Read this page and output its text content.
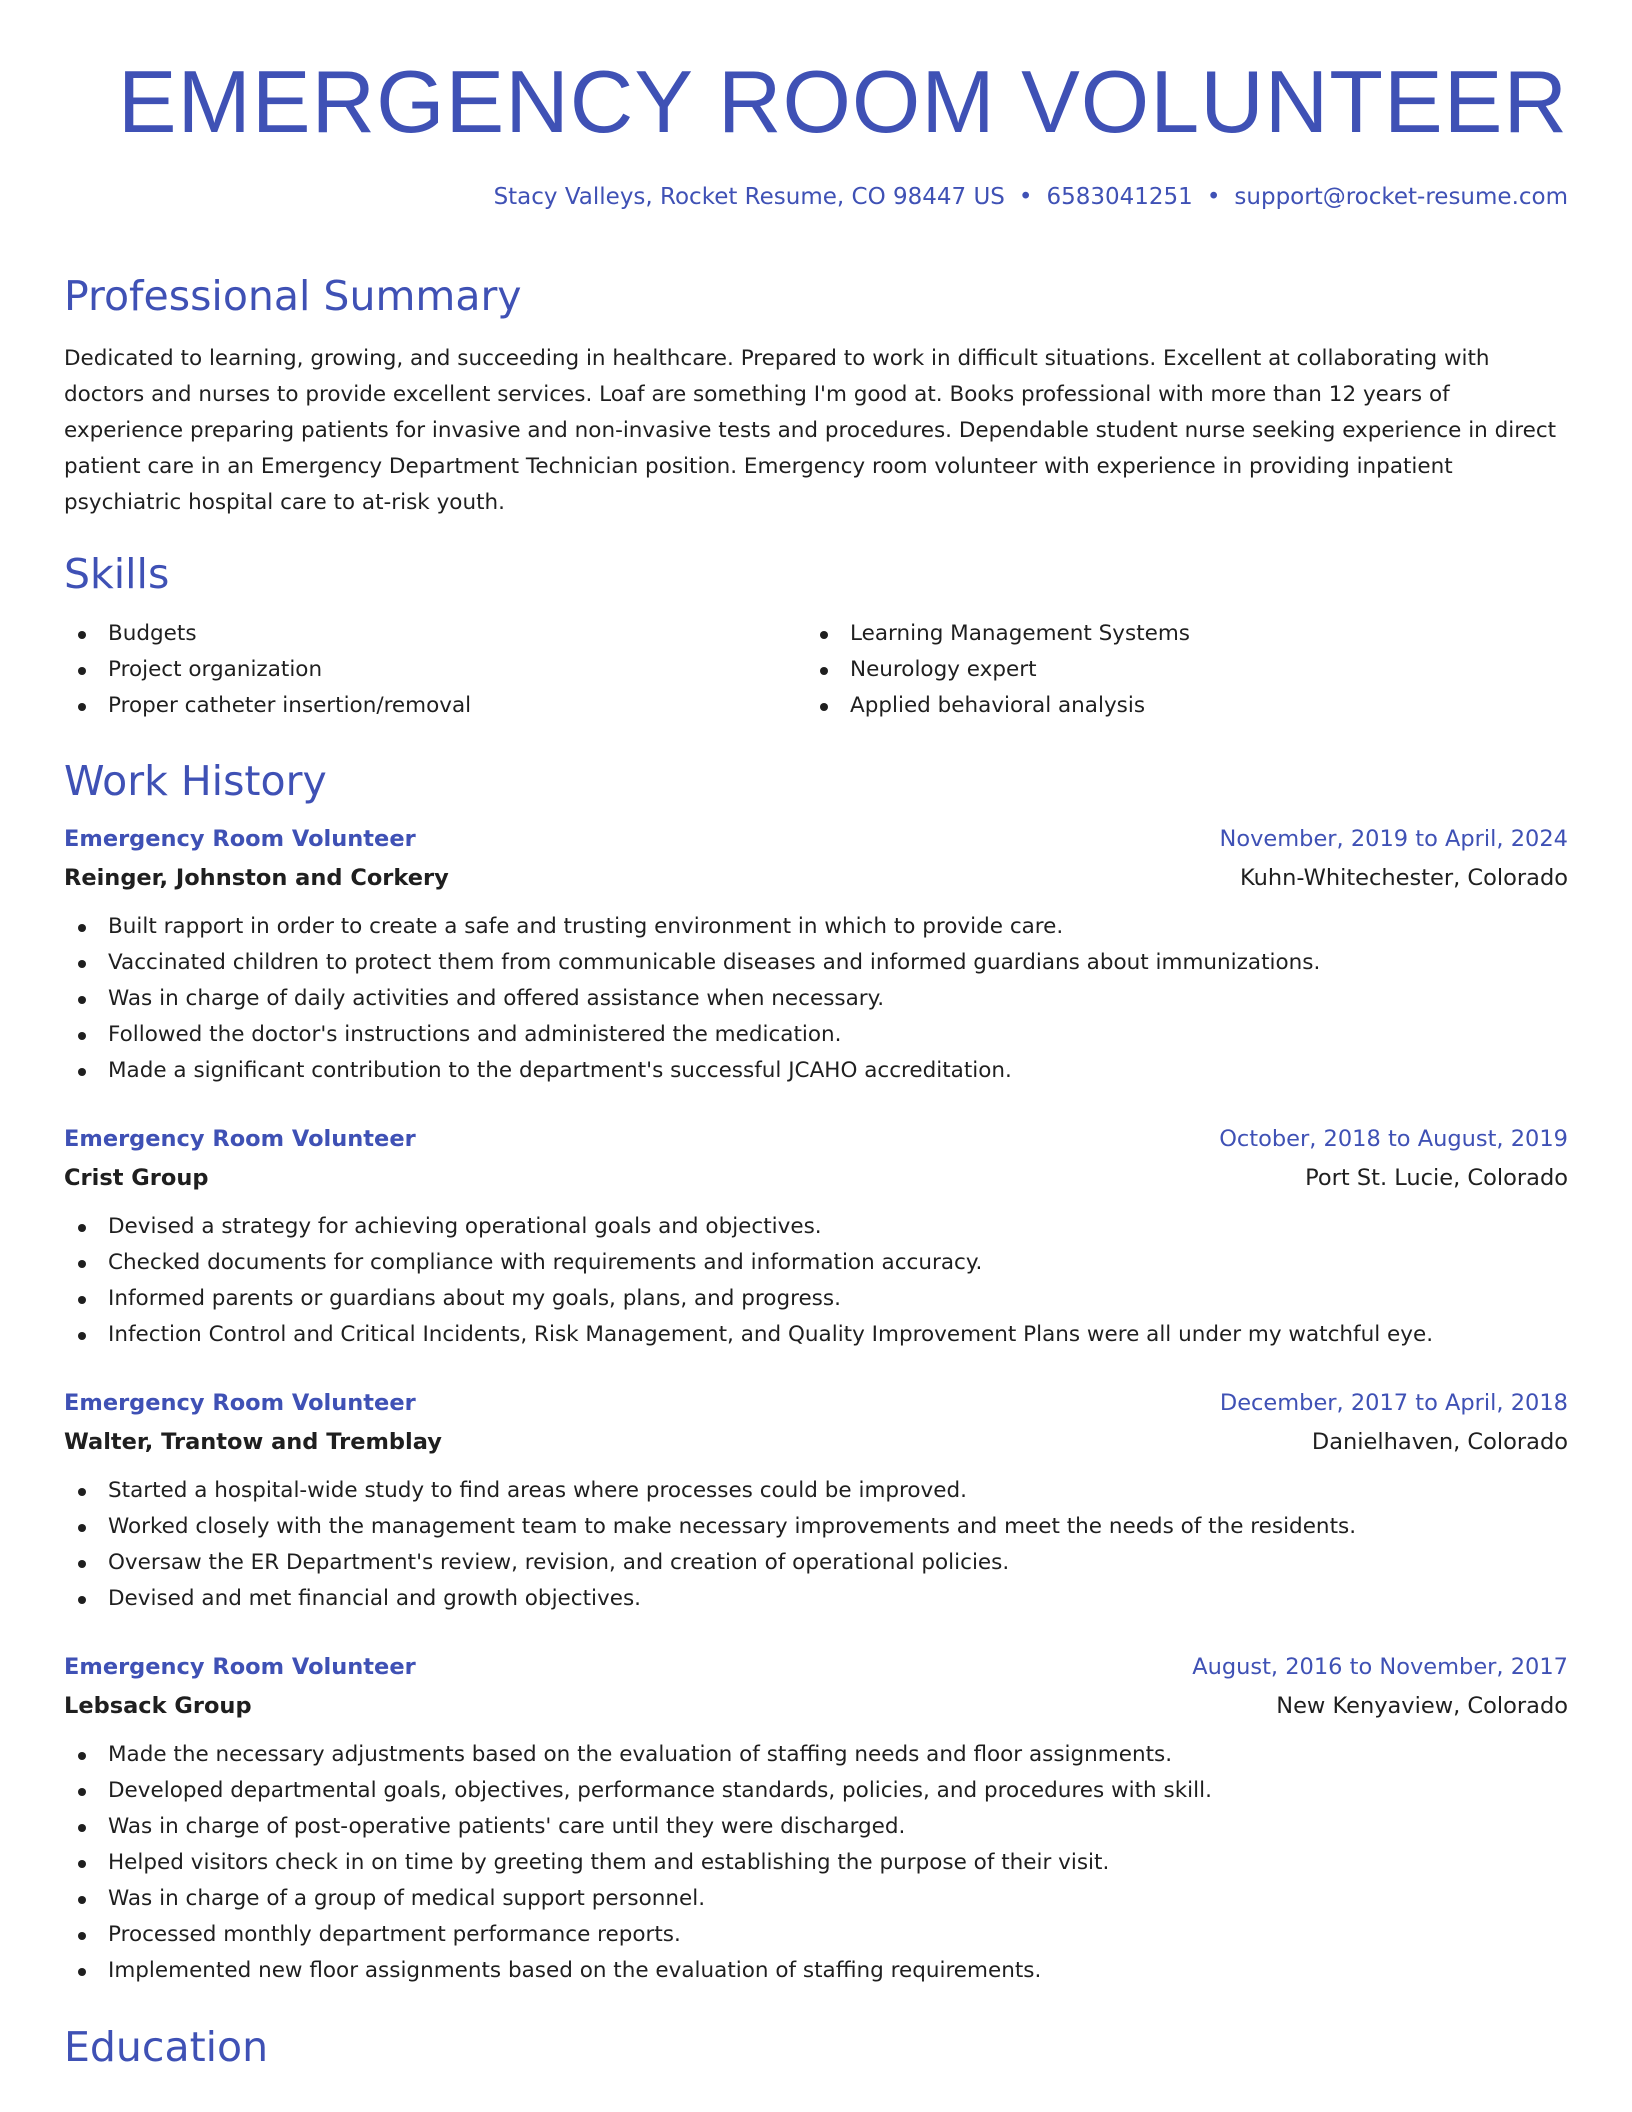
EMERGENCY ROOM VOLUNTEER
Stacy Valleys, Rocket Resume, CO 98447 US • 6583041251 • support@rocket-resume.com
Professional Summary

Dedicated to learning, growing, and succeeding in healthcare. Prepared to work in difficult situations. Excellent at collaborating with doctors and nurses to provide excellent services. Loaf are something I'm good at. Books professional with more than 12 years of experience preparing patients for invasive and non-invasive tests and procedures. Dependable student nurse seeking experience in direct patient care in an Emergency Department Technician position. Emergency room volunteer with experience in providing inpatient psychiatric hospital care to at-risk youth.

Skills
Budgets
Project organization
Proper catheter insertion/removal
Learning Management Systems
Neurology expert
Applied behavioral analysis
Work History
Emergency Room Volunteer	November, 2019 to April, 2024
Reinger, Johnston and Corkery	Kuhn-Whitechester, Colorado
Built rapport in order to create a safe and trusting environment in which to provide care.
Vaccinated children to protect them from communicable diseases and informed guardians about immunizations.
Was in charge of daily activities and offered assistance when necessary.
Followed the doctor's instructions and administered the medication.
Made a significant contribution to the department's successful JCAHO accreditation.
Emergency Room Volunteer	October, 2018 to August, 2019
Crist Group	Port St. Lucie, Colorado
Devised a strategy for achieving operational goals and objectives.
Checked documents for compliance with requirements and information accuracy.
Informed parents or guardians about my goals, plans, and progress.
Infection Control and Critical Incidents, Risk Management, and Quality Improvement Plans were all under my watchful eye.
Emergency Room Volunteer	December, 2017 to April, 2018
Walter, Trantow and Tremblay	Danielhaven, Colorado
Started a hospital-wide study to find areas where processes could be improved.
Worked closely with the management team to make necessary improvements and meet the needs of the residents.
Oversaw the ER Department's review, revision, and creation of operational policies.
Devised and met financial and growth objectives.
Emergency Room Volunteer	August, 2016 to November, 2017
Lebsack Group	New Kenyaview, Colorado
Made the necessary adjustments based on the evaluation of staffing needs and floor assignments.
Developed departmental goals, objectives, performance standards, policies, and procedures with skill.
Was in charge of post-operative patients' care until they were discharged.
Helped visitors check in on time by greeting them and establishing the purpose of their visit.
Was in charge of a group of medical support personnel.
Processed monthly department performance reports.
Implemented new floor assignments based on the evaluation of staffing requirements.
Education
